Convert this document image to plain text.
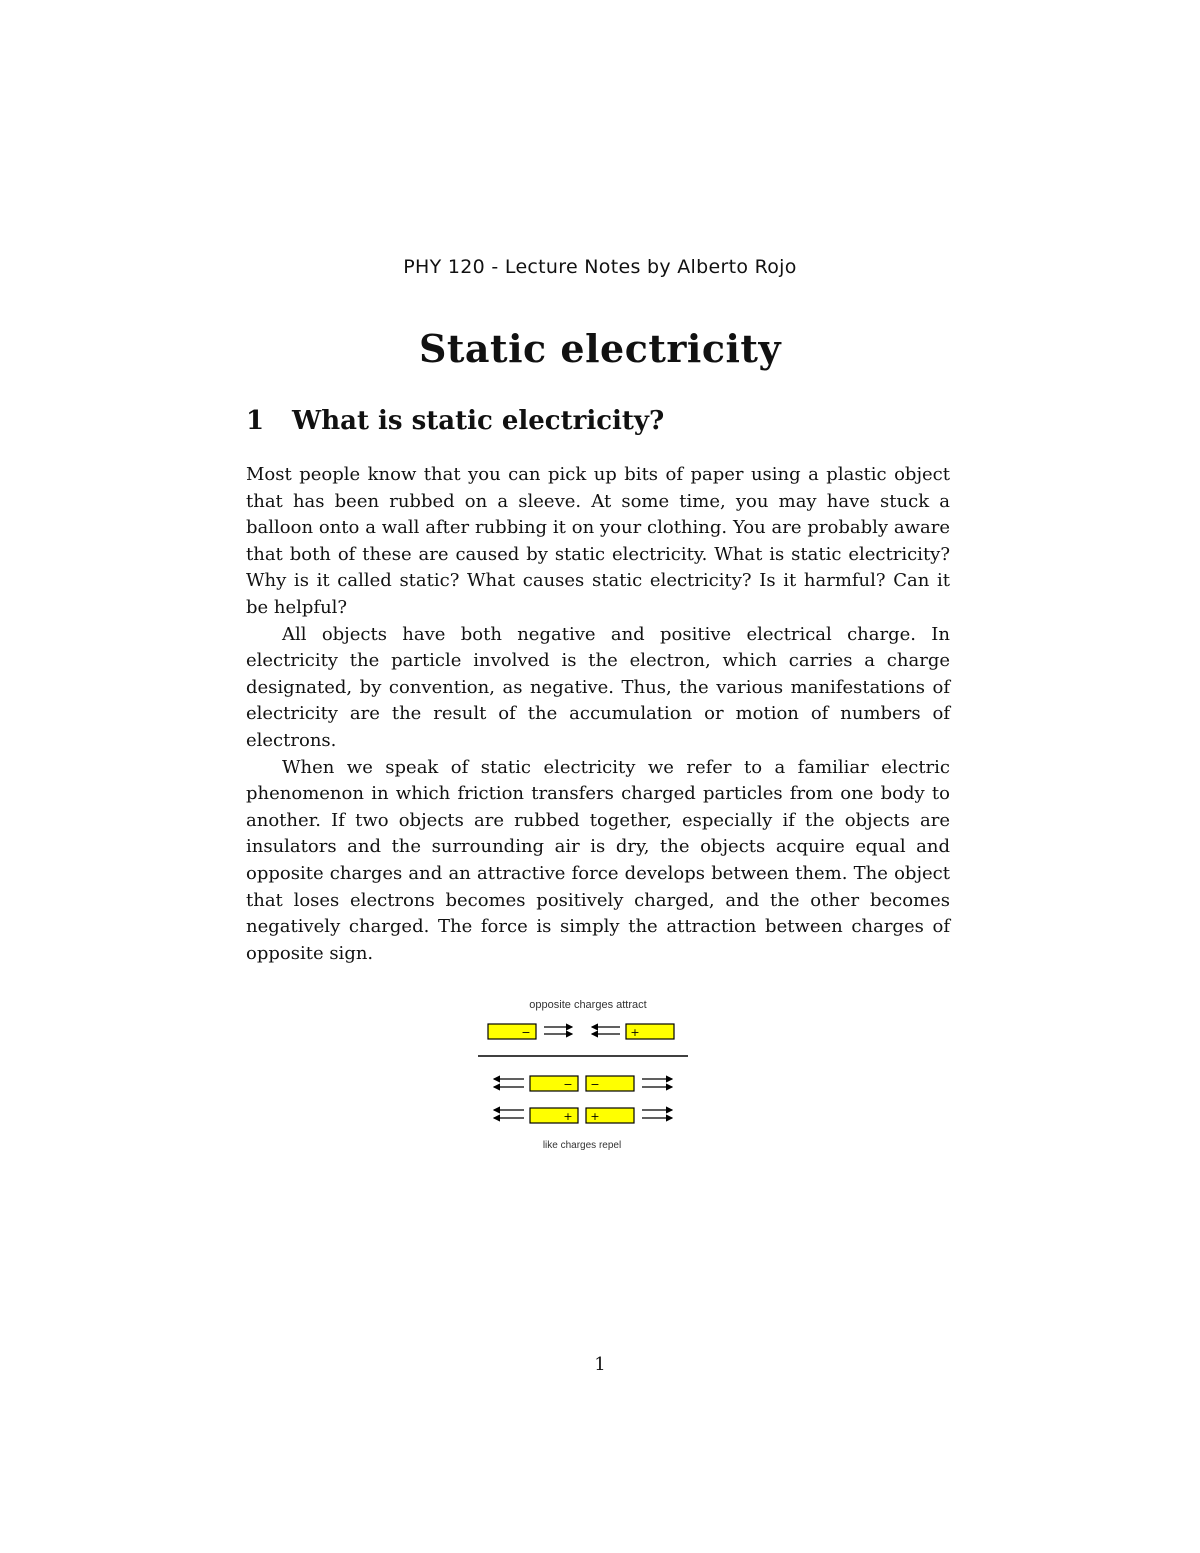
PHY 120 - Lecture Notes by Alberto Rojo
Static electricity
1 What is static electricity?

Most people know that you can pick up bits of paper using a plastic object that has been rubbed on a sleeve. At some time, you may have stuck a balloon onto a wall after rubbing it on your clothing. You are probably aware that both of these are caused by static electricity. What is static electricity? Why is it called static? What causes static electricity? Is it harmful? Can it be helpful?

All objects have both negative and positive electrical charge. In electricity the particle involved is the electron, which carries a charge designated, by convention, as negative. Thus, the various manifestations of electricity are the result of the accumulation or motion of numbers of electrons.

When we speak of static electricity we refer to a familiar electric phenomenon in which friction transfers charged particles from one body to another. If two objects are rubbed together, especially if the objects are insulators and the surrounding air is dry, the objects acquire equal and opposite charges and an attractive force develops between them. The object that loses electrons becomes positively charged, and the other becomes negatively charged. The force is simply the attraction between charges of opposite sign.

opposite charges attract
−	+
− −
+ +
like charges repel
1
